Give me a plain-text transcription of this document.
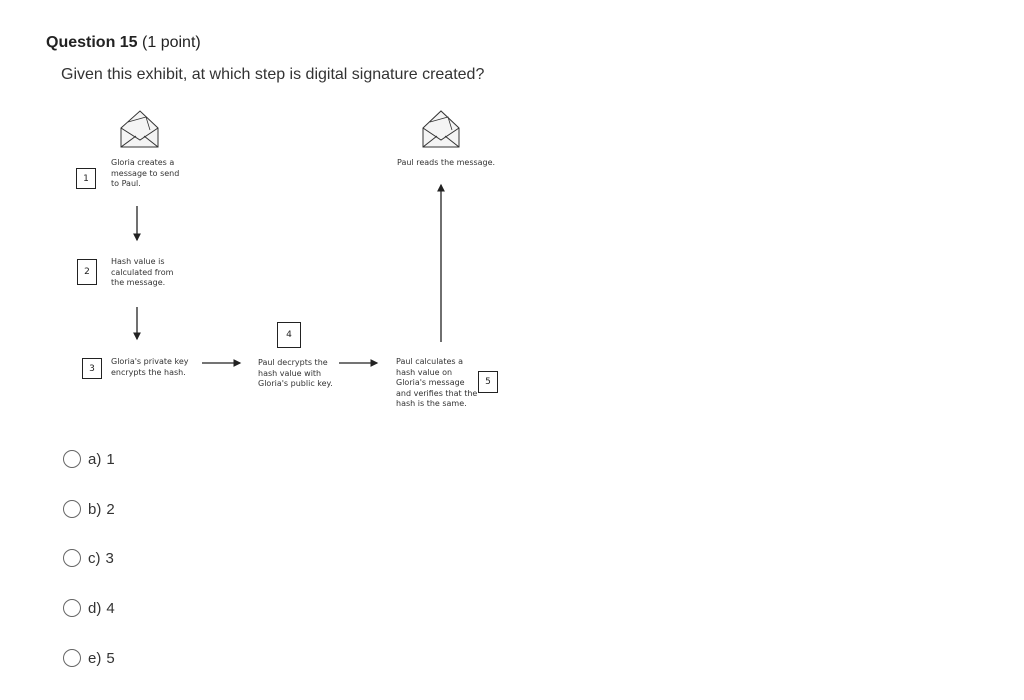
Question 15 (1 point)
Given this exhibit, at which step is digital signature created?
1
Gloria creates a
message to send
to Paul.
2
Hash value is
calculated from
the message.
3
Gloria's private key
encrypts the hash.
4
Paul decrypts the
hash value with
Gloria's public key.
Paul calculates a
hash value on
Gloria's message
and verifies that the
hash is the same.
5
Paul reads the message.
a) 1
b) 2
c) 3
d) 4
e) 5
